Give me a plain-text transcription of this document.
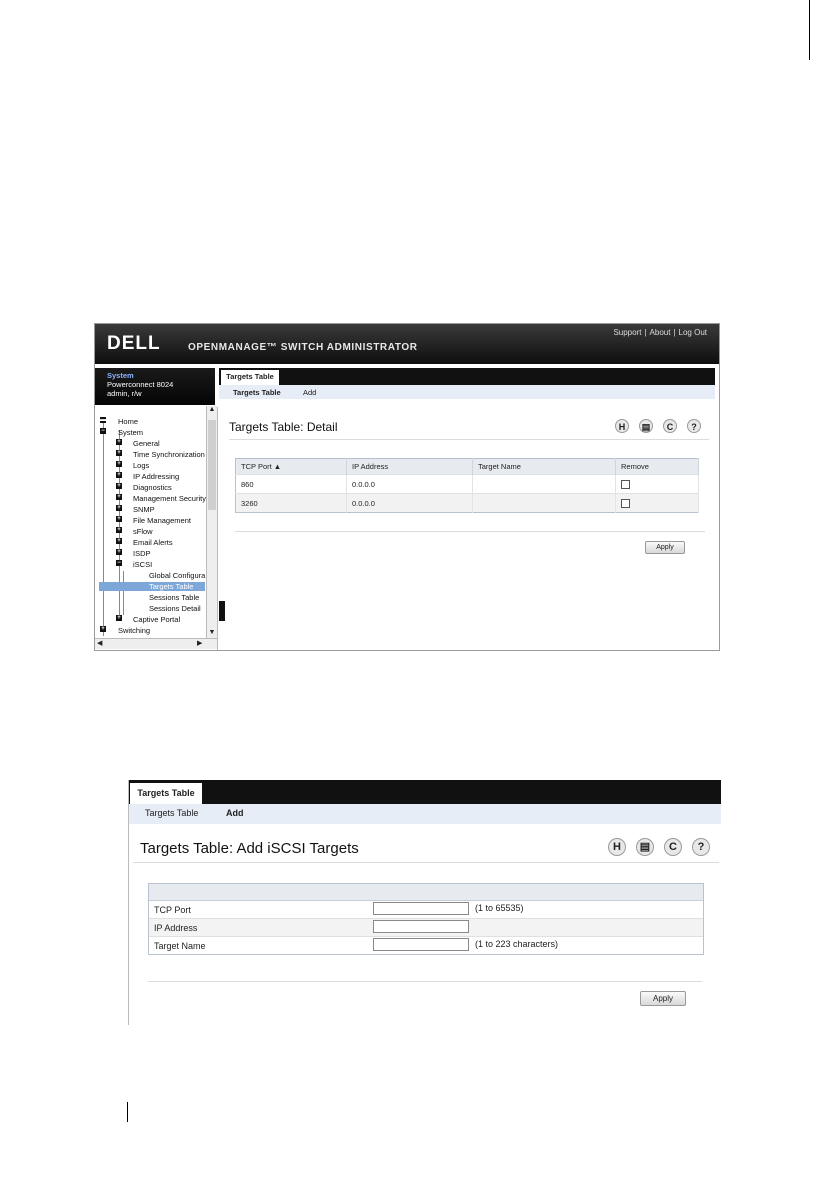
DELL	OPENMANAGE™ SWITCH ADMINISTRATOR
Support | About | Log Out
System
Powerconnect 8024
admin, r/w
▬ Home
− System
+ General
+ Time Synchronization
+ Logs
+ IP Addressing
+ Diagnostics
+ Management Security
+ SNMP
+ File Management
+ sFlow
+ Email Alerts
+ ISDP
− iSCSI
Global Configura
Targets Table
Sessions Table
Sessions Detail
+ Captive Portal
+ Switching
▲
▼
◀	▶
Targets Table
Targets Table	Add
Targets Table: Detail	H	▤	C	?
TCP Port ▲	IP Address	Target Name	Remove
860	0.0.0.0		
3260	0.0.0.0		
Apply
Targets Table
Targets Table	Add
Targets Table: Add iSCSI Targets	H	▤	C	?
TCP Port	(1 to 65535)
IP Address
Target Name	(1 to 223 characters)
Apply
